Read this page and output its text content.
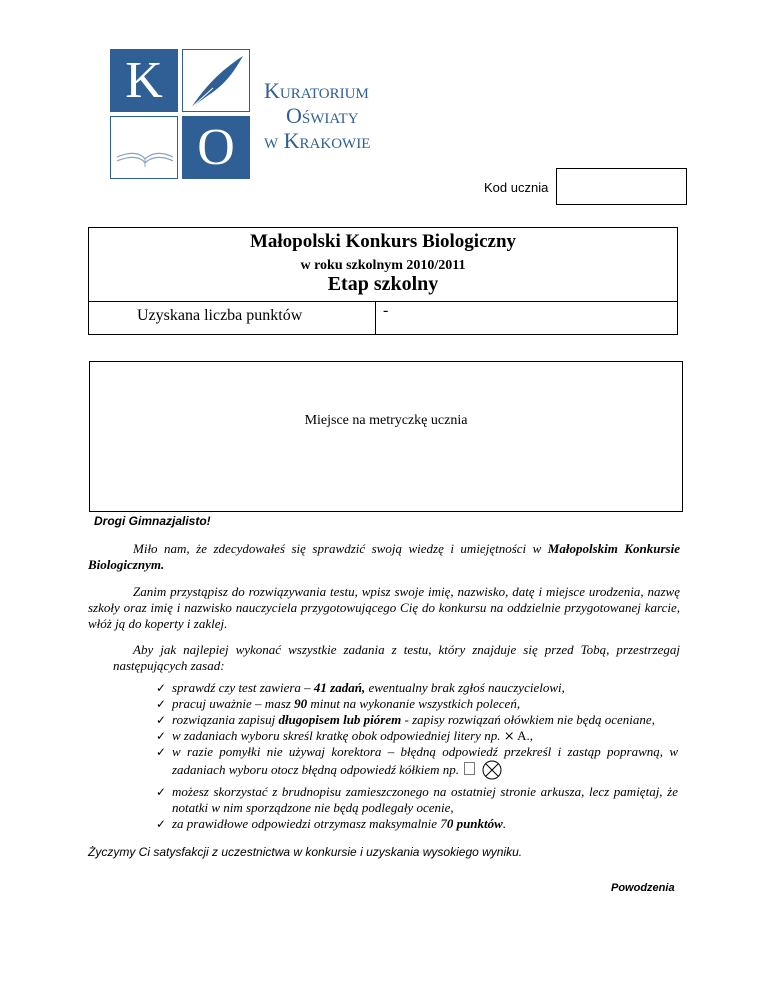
K
O
Kuratorium
Oświaty
w Krakowie
Kod ucznia
Małopolski Konkurs Biologiczny
w roku szkolnym 2010/2011
Etap szkolny
Uzyskana liczba punktów	-
Miejsce na metryczkę ucznia
Drogi Gimnazjalisto!
Miło nam, że zdecydowałeś się sprawdzić swoją wiedzę i umiejętności w Małopolskim Konkursie Biologicznym.
Zanim przystąpisz do rozwiązywania testu, wpisz swoje imię, nazwisko, datę i miejsce urodzenia, nazwę szkoły oraz imię i nazwisko nauczyciela przygotowującego Cię do konkursu na oddzielnie przygotowanej karcie, włóż ją do koperty i zaklej.
Aby jak najlepiej wykonać wszystkie zadania z testu, który znajduje się przed Tobą, przestrzegaj następujących zasad:
✓ sprawdź czy test zawiera – 41 zadań, ewentualny brak zgłoś nauczycielowi,
✓ pracuj uważnie – masz 90 minut na wykonanie wszystkich poleceń,
✓ rozwiązania zapisuj długopisem lub piórem - zapisy rozwiązań ołówkiem nie będą oceniane,
✓ w zadaniach wyboru skreśl kratkę obok odpowiedniej litery np. ⨯ A.,
✓ w razie pomyłki nie używaj korektora – błędną odpowiedź przekreśl i zastąp poprawną, w zadaniach wyboru otocz błędną odpowiedź kółkiem np.
✓ możesz skorzystać z brudnopisu zamieszczonego na ostatniej stronie arkusza, lecz pamiętaj, że notatki w nim sporządzone nie będą podlegały ocenie,
✓ za prawidłowe odpowiedzi otrzymasz maksymalnie 70 punktów.
Życzymy Ci satysfakcji z uczestnictwa w konkursie i uzyskania wysokiego wyniku.
Powodzenia
